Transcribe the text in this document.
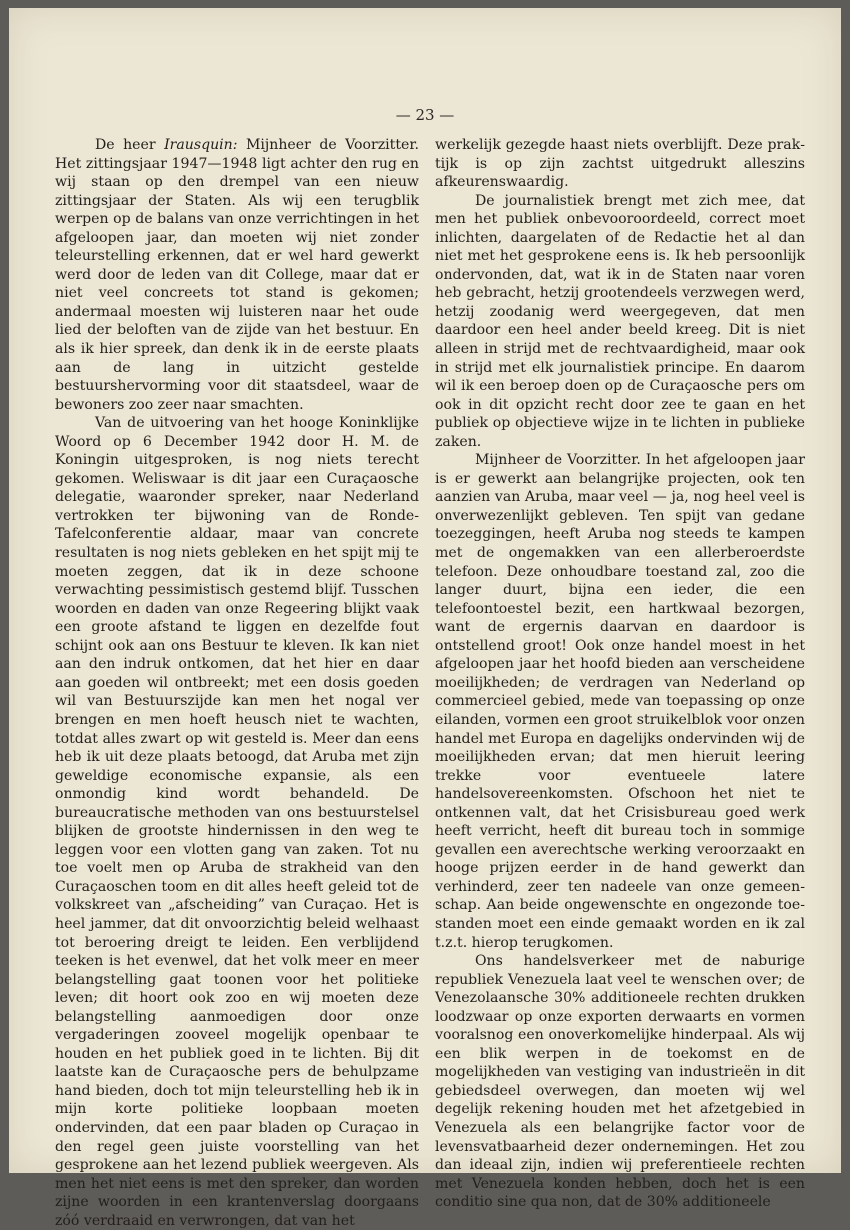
— 23 —

De heer Irausquin: Mijnheer de Voorzitter. Het zittingsjaar 1947—1948 ligt achter den rug en wij staan op den drempel van een nieuw zittingsjaar der Staten. Als wij een terugblik werpen op de balans van onze verrichtingen in het afgeloopen jaar, dan moeten wij niet zonder teleurstelling erkennen, dat er wel hard gewerkt werd door de leden van dit College, maar dat er niet veel concreets tot stand is gekomen; andermaal moesten wij luisteren naar het oude lied der beloften van de zijde van het bestuur. En als ik hier spreek, dan denk ik in de eerste plaats aan de lang in uitzicht gestelde bestuurshervorming voor dit staatsdeel, waar de bewoners zoo zeer naar smachten.

Van de uitvoering van het hooge Koninklijke Woord op 6 December 1942 door H. M. de Koningin uitgesproken, is nog niets terecht gekomen. Weliswaar is dit jaar een Curaçaosche delegatie, waaronder spreker, naar Nederland vertrokken ter bijwoning van de Ronde-Tafelconferentie aldaar, maar van concrete resultaten is nog niets gebleken en het spijt mij te moeten zeggen, dat ik in deze schoone verwachting pessimistisch gestemd blijf. Tusschen woorden en daden van onze Regeering blijkt vaak een groote afstand te liggen en dezelfde fout schijnt ook aan ons Bestuur te kleven. Ik kan niet aan den indruk ontkomen, dat het hier en daar aan goeden wil ontbreekt; met een dosis goeden wil van Bestuurszijde kan men het nogal ver brengen en men hoeft heusch niet te wachten, totdat alles zwart op wit gesteld is. Meer dan eens heb ik uit deze plaats betoogd, dat Aruba met zijn geweldige economische expansie, als een onmondig kind wordt behandeld. De bureaucratische methoden van ons bestuurstelsel blijken de grootste hindernissen in den weg te leggen voor een vlotten gang van zaken. Tot nu toe voelt men op Aruba de strakheid van den Curaçaoschen toom en dit alles heeft geleid tot de volkskreet van „afscheiding” van Curaçao. Het is heel jammer, dat dit onvoorzichtig beleid welhaast tot beroering dreigt te leiden. Een verblijdend teeken is het evenwel, dat het volk meer en meer belangstelling gaat toonen voor het politieke leven; dit hoort ook zoo en wij moeten deze belangstelling aanmoedigen door onze vergaderingen zooveel mogelijk openbaar te houden en het publiek goed in te lichten. Bij dit laatste kan de Curaçaosche pers de behulpzame hand bieden, doch tot mijn teleurstelling heb ik in mijn korte politieke loopbaan moeten ondervinden, dat een paar bladen op Curaçao in den regel geen juiste voorstelling van het gesprokene aan het lezend publiek weergeven. Als men het niet eens is met den spreker, dan worden zijne woorden in een krantenverslag doorgaans zóó verdraaid en verwrongen, dat van het

werkelijk gezegde haast niets overblijft. Deze praktijk is op zijn zachtst uitgedrukt alleszins afkeurenswaardig.

De journalistiek brengt met zich mee, dat men het publiek onbevooroordeeld, correct moet inlichten, daargelaten of de Redactie het al dan niet met het gesprokene eens is. Ik heb persoonlijk ondervonden, dat, wat ik in de Staten naar voren heb gebracht, hetzij grootendeels verzwegen werd, hetzij zoodanig werd weergegeven, dat men daardoor een heel ander beeld kreeg. Dit is niet alleen in strijd met de rechtvaardigheid, maar ook in strijd met elk journalistiek principe. En daarom wil ik een beroep doen op de Curaçaosche pers om ook in dit opzicht recht door zee te gaan en het publiek op objectieve wijze in te lichten in publieke zaken.

Mijnheer de Voorzitter. In het afgeloopen jaar is er gewerkt aan belangrijke projecten, ook ten aanzien van Aruba, maar veel — ja, nog heel veel is onverwezenlijkt gebleven. Ten spijt van gedane toezeggingen, heeft Aruba nog steeds te kampen met de ongemakken van een allerberoerdste telefoon. Deze onhoudbare toestand zal, zoo die langer duurt, bijna een ieder, die een telefoontoestel bezit, een hartkwaal bezorgen, want de ergernis daarvan en daardoor is ontstellend groot! Ook onze handel moest in het afgeloopen jaar het hoofd bieden aan verscheidene moeilijkheden; de verdragen van Nederland op commercieel gebied, mede van toepassing op onze eilanden, vormen een groot struikelblok voor onzen handel met Europa en dagelijks ondervinden wij de moeilijkheden ervan; dat men hieruit leering trekke voor eventueele latere handelsovereenkomsten. Ofschoon het niet te ontkennen valt, dat het Crisisbureau goed werk heeft verricht, heeft dit bureau toch in sommige gevallen een averechtsche werking veroorzaakt en hooge prijzen eerder in de hand gewerkt dan verhinderd, zeer ten nadeele van onze gemeenschap. Aan beide ongewenschte en ongezonde toestanden moet een einde gemaakt worden en ik zal t.z.t. hierop terugkomen.

Ons handelsverkeer met de naburige republiek Venezuela laat veel te wenschen over; de Venezolaansche 30% additioneele rechten drukken loodzwaar op onze exporten derwaarts en vormen vooralsnog een onoverkomelijke hinderpaal. Als wij een blik werpen in de toekomst en de mogelijkheden van vestiging van industrieën in dit gebiedsdeel overwegen, dan moeten wij wel degelijk rekening houden met het afzetgebied in Venezuela als een belangrijke factor voor de levensvatbaarheid dezer ondernemingen. Het zou dan ideaal zijn, indien wij preferentieele rechten met Venezuela konden hebben, doch het is een conditio sine qua non, dat de 30% additioneele
